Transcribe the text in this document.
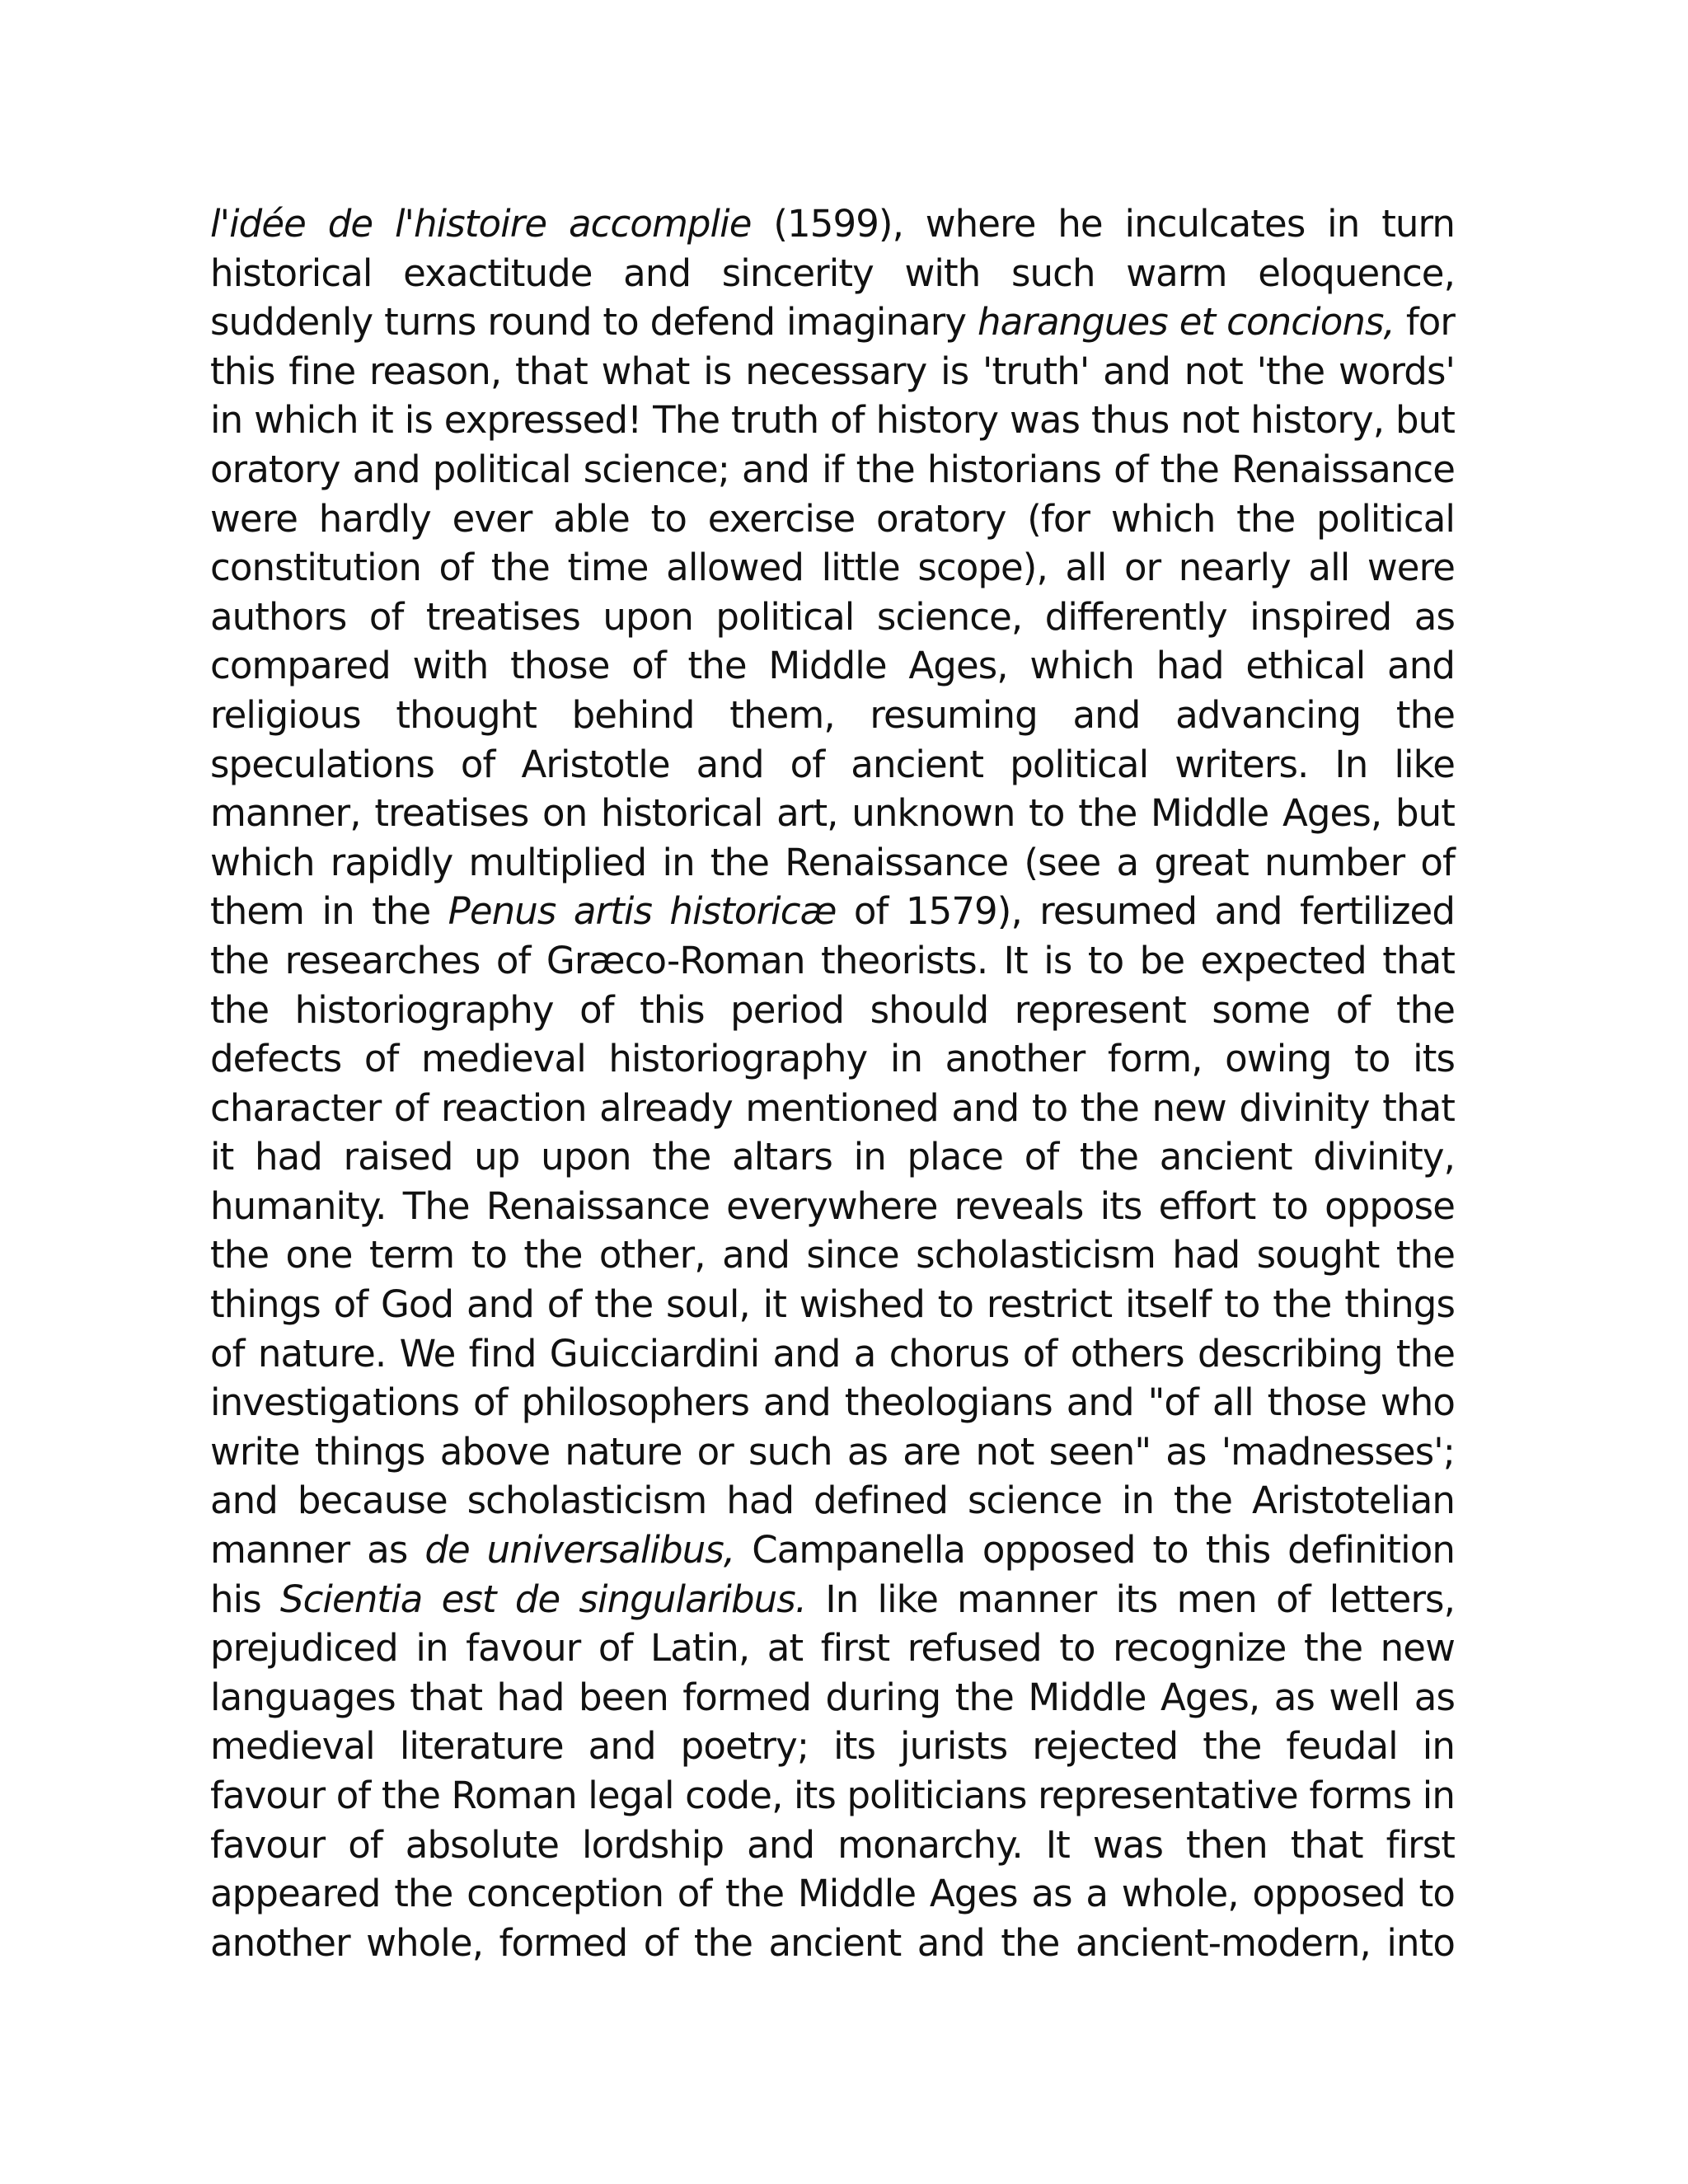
l'idée de l'histoire accomplie (1599), where he inculcates in turn historical exactitude and sincerity with such warm eloquence, suddenly turns round to defend imaginary harangues et concions, for this fine reason, that what is necessary is 'truth' and not 'the words' in which it is expressed! The truth of history was thus not history, but oratory and political science; and if the historians of the Renaissance were hardly ever able to exercise oratory (for which the political constitution of the time allowed little scope), all or nearly all were authors of treatises upon political science, differently inspired as compared with those of the Middle Ages, which had ethical and religious thought behind them, resuming and advancing the speculations of Aristotle and of ancient political writers. In like manner, treatises on historical art, unknown to the Middle Ages, but which rapidly multiplied in the Renaissance (see a great number of them in the Penus artis historicæ of 1579), resumed and fertilized the researches of Græco-Roman theorists. It is to be expected that the historiography of this period should represent some of the defects of medieval historiography in another form, owing to its character of reaction already mentioned and to the new divinity that it had raised up upon the altars in place of the ancient divinity, humanity. The Renaissance everywhere reveals its effort to oppose the one term to the other, and since scholasticism had sought the things of God and of the soul, it wished to restrict itself to the things of nature. We find Guicciardini and a chorus of others describing the investigations of philosophers and theologians and "of all those who write things above nature or such as are not seen" as 'madnesses'; and because scholasticism had defined science in the Aristotelian manner as de universalibus, Campanella opposed to this definition his Scientia est de singularibus. In like manner its men of letters, prejudiced in favour of Latin, at first refused to recognize the new languages that had been formed during the Middle Ages, as well as medieval literature and poetry; its jurists rejected the feudal in favour of the Roman legal code, its politicians representative forms in favour of absolute lordship and monarchy. It was then that first appeared the conception of the Middle Ages as a whole, opposed to another whole, formed of the ancient and the ancient-modern, into
